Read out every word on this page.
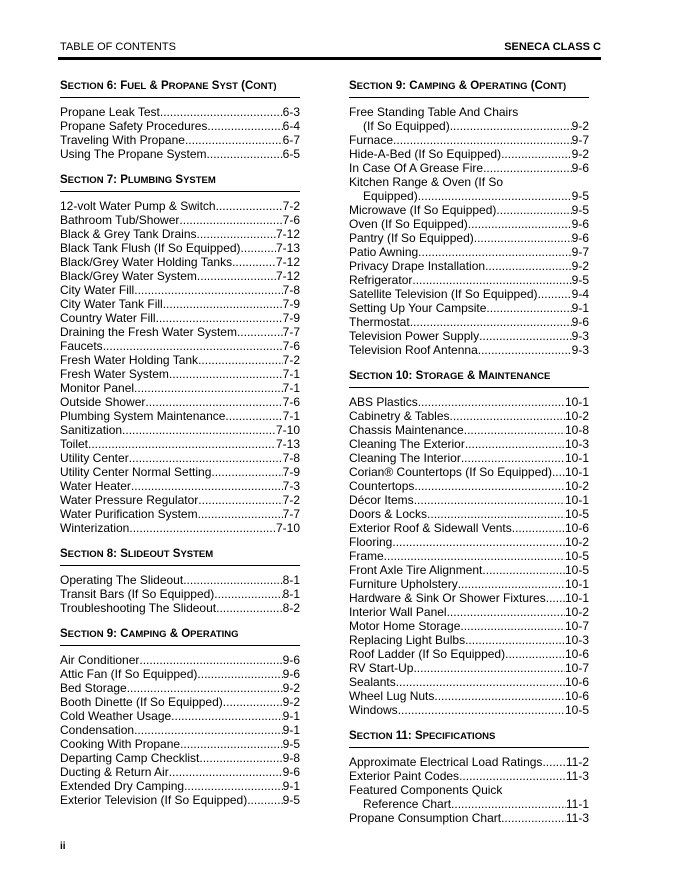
TABLE OF CONTENTS	SENECA CLASS C
SECTION 6: FUEL & PROPANE SYST (CONT)
Propane Leak Test .....	6-3
Propane Safety Procedures .....	6-4
Traveling With Propane .....	6-7
Using The Propane System .....	6-5
SECTION 7: PLUMBING SYSTEM
12-volt Water Pump & Switch .....	7-2
Bathroom Tub/Shower .....	7-6
Black & Grey Tank Drains .....	7-12
Black Tank Flush (If So Equipped) .....	7-13
Black/Grey Water Holding Tanks .....	7-12
Black/Grey Water System .....	7-12
City Water Fill .....	7-8
City Water Tank Fill .....	7-9
Country Water Fill .....	7-9
Draining the Fresh Water System .....	7-7
Faucets .....	7-6
Fresh Water Holding Tank .....	7-2
Fresh Water System .....	7-1
Monitor Panel .....	7-1
Outside Shower .....	7-6
Plumbing System Maintenance .....	7-1
Sanitization .....	7-10
Toilet .....	7-13
Utility Center .....	7-8
Utility Center Normal Setting .....	7-9
Water Heater .....	7-3
Water Pressure Regulator .....	7-2
Water Purification System .....	7-7
Winterization .....	7-10
SECTION 8: SLIDEOUT SYSTEM
Operating The Slideout .....	8-1
Transit Bars (If So Equipped) .....	8-1
Troubleshooting The Slideout .....	8-2
SECTION 9: CAMPING & OPERATING
Air Conditioner .....	9-6
Attic Fan (If So Equipped) .....	9-6
Bed Storage .....	9-2
Booth Dinette (If So Equipped) .....	9-2
Cold Weather Usage .....	9-1
Condensation .....	9-1
Cooking With Propane .....	9-5
Departing Camp Checklist .....	9-8
Ducting & Return Air .....	9-6
Extended Dry Camping .....	9-1
Exterior Television (If So Equipped) .....	9-5
SECTION 9: CAMPING & OPERATING (CONT)
Free Standing Table And Chairs
(If So Equipped) .....	9-2
Furnace .....	9-7
Hide-A-Bed (If So Equipped) .....	9-2
In Case Of A Grease Fire .....	9-6
Kitchen Range & Oven (If So
Equipped) .....	9-5
Microwave (If So Equipped) .....	9-5
Oven (If So Equipped) .....	9-6
Pantry (If So Equipped) .....	9-6
Patio Awning .....	9-7
Privacy Drape Installation .....	9-2
Refrigerator .....	9-5
Satellite Television (If So Equipped) .....	9-4
Setting Up Your Campsite .....	9-1
Thermostat .....	9-6
Television Power Supply .....	9-3
Television Roof Antenna .....	9-3
SECTION 10: STORAGE & MAINTENANCE
ABS Plastics .....	10-1
Cabinetry & Tables .....	10-2
Chassis Maintenance .....	10-8
Cleaning The Exterior .....	10-3
Cleaning The Interior .....	10-1
Corian® Countertops (If So Equipped) ..... 10-1
Countertops .....	10-2
Décor Items .....	10-1
Doors & Locks .....	10-5
Exterior Roof & Sidewall Vents .....	10-6
Flooring .....	10-2
Frame .....	10-5
Front Axle Tire Alignment .....	10-5
Furniture Upholstery .....	10-1
Hardware & Sink Or Shower Fixtures ..... 10-1
Interior Wall Panel .....	10-2
Motor Home Storage .....	10-7
Replacing Light Bulbs .....	10-3
Roof Ladder (If So Equipped) .....	10-6
RV Start-Up .....	10-7
Sealants .....	10-6
Wheel Lug Nuts .....	10-6
Windows .....	10-5
SECTION 11: SPECIFICATIONS
Approximate Electrical Load Ratings ..... 11-2
Exterior Paint Codes .....	11-3
Featured Components Quick
Reference Chart .....	11-1
Propane Consumption Chart .....	11-3
ii
